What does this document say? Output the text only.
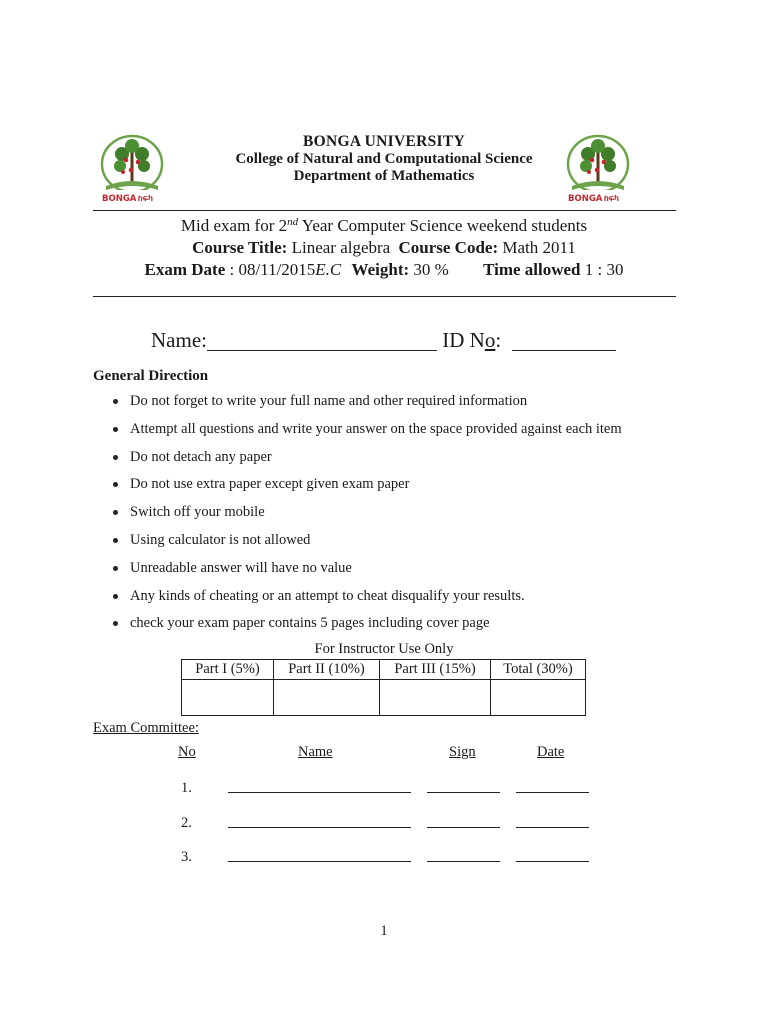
BONGA ከፍካ	BONGA ከፍካ
BONGA UNIVERSITY
College of Natural and Computational Science
Department of Mathematics
Mid exam for 2nd Year Computer Science weekend students
Course Title: Linear algebra Course Code: Math 2011
Exam Date : 08/11/2015E.C Weight: 30 % Time allowed 1 : 30
Name:	ID No:
General Direction
Do not forget to write your full name and other required information
Attempt all questions and write your answer on the space provided against each item
Do not detach any paper
Do not use extra paper except given exam paper
Switch off your mobile
Using calculator is not allowed
Unreadable answer will have no value
Any kinds of cheating or an attempt to cheat disqualify your results.
check your exam paper contains 5 pages including cover page
For Instructor Use Only
Part I (5%)	Part II (10%)	Part III (15%)	Total (30%)

Exam Committee:
No	Name	Sign	Date
1.
2.
3.
1
